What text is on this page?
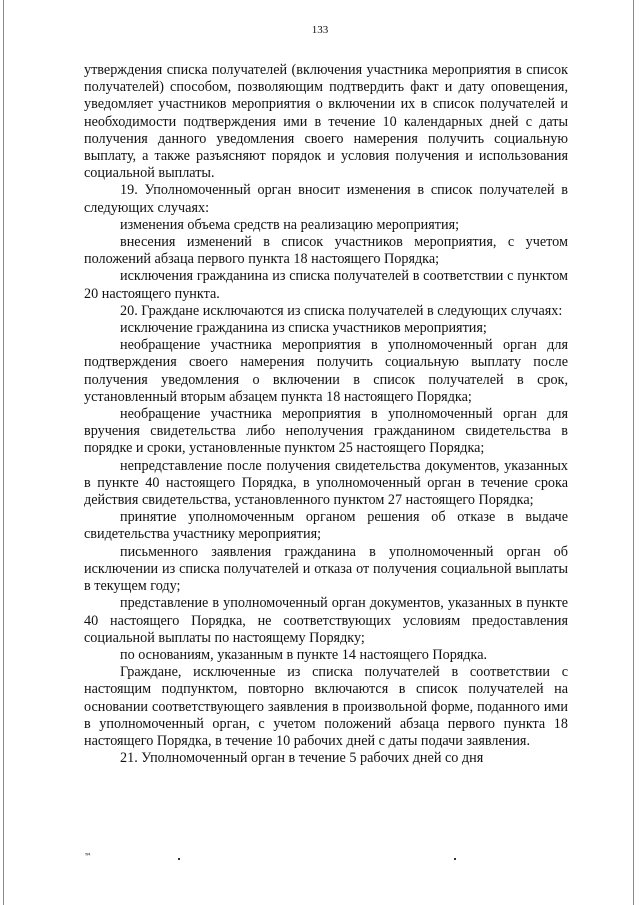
133

утверждения списка получателей (включения участника мероприятия в список получателей) способом, позволяющим подтвердить факт и дату оповещения, уведомляет участников мероприятия о включении их в список получателей и необходимости подтверждения ими в течение 10 календарных дней с даты получения данного уведомления своего намерения получить социальную выплату, а также разъясняют порядок и условия получения и использования социальной выплаты.

19. Уполномоченный орган вносит изменения в список получателей в следующих случаях:

изменения объема средств на реализацию мероприятия;

внесения изменений в список участников мероприятия, с учетом положений абзаца первого пункта 18 настоящего Порядка;

исключения гражданина из списка получателей в соответствии с пунктом 20 настоящего пункта.

20. Граждане исключаются из списка получателей в следующих случаях:

исключение гражданина из списка участников мероприятия;

необращение участника мероприятия в уполномоченный орган для подтверждения своего намерения получить социальную выплату после получения уведомления о включении в список получателей в срок, установленный вторым абзацем пункта 18 настоящего Порядка;

необращение участника мероприятия в уполномоченный орган для вручения свидетельства либо неполучения гражданином свидетельства в порядке и сроки, установленные пунктом 25 настоящего Порядка;

непредставление после получения свидетельства документов, указанных в пункте 40 настоящего Порядка, в уполномоченный орган в течение срока действия свидетельства, установленного пунктом 27 настоящего Порядка;

принятие уполномоченным органом решения об отказе в выдаче свидетельства участнику мероприятия;

письменного заявления гражданина в уполномоченный орган об исключении из списка получателей и отказа от получения социальной выплаты в текущем году;

представление в уполномоченный орган документов, указанных в пункте 40 настоящего Порядка, не соответствующих условиям предоставления социальной выплаты по настоящему Порядку;

по основаниям, указанным в пункте 14 настоящего Порядка.

Граждане, исключенные из списка получателей в соответствии с настоящим подпунктом, повторно включаются в список получателей на основании соответствующего заявления в произвольной форме, поданного ими в уполномоченный орган, с учетом положений абзаца первого пункта 18 настоящего Порядка, в течение 10 рабочих дней с даты подачи заявления.

21. Уполномоченный орган в течение 5 рабочих дней со дня

™
